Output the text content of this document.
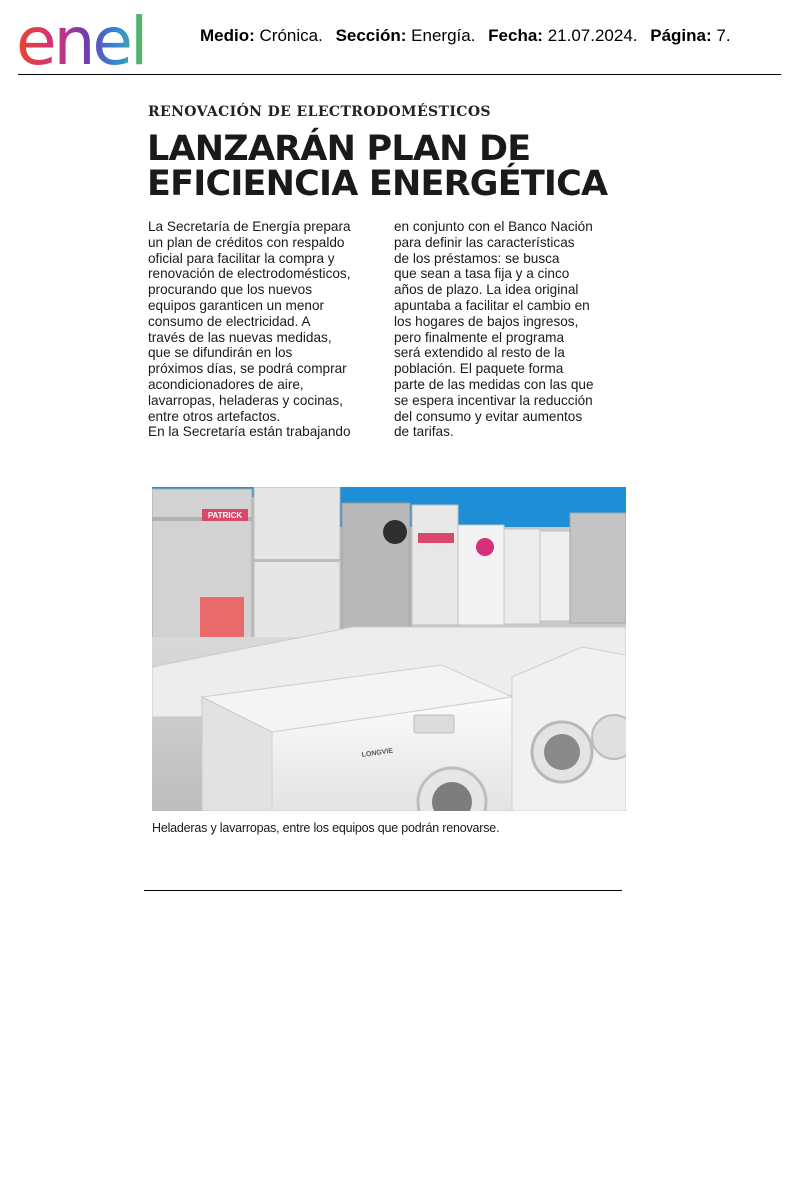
enel	Medio: Crónica. Sección: Energía. Fecha: 21.07.2024. Página: 7.
RENOVACIÓN DE ELECTRODOMÉSTICOS
LANZARÁN PLAN DE EFICIENCIA ENERGÉTICA
La Secretaría de Energía prepara
un plan de créditos con respaldo
oficial para facilitar la compra y
renovación de electrodomésticos,
procurando que los nuevos
equipos garanticen un menor
consumo de electricidad. A
través de las nuevas medidas,
que se difundirán en los
próximos días, se podrá comprar
acondicionadores de aire,
lavarropas, heladeras y cocinas,
entre otros artefactos.
En la Secretaría están trabajando
en conjunto con el Banco Nación
para definir las características
de los préstamos: se busca
que sean a tasa fija y a cinco
años de plazo. La idea original
apuntaba a facilitar el cambio en
los hogares de bajos ingresos,
pero finalmente el programa
será extendido al resto de la
población. El paquete forma
parte de las medidas con las que
se espera incentivar la reducción
del consumo y evitar aumentos
de tarifas.
PATRICK
LONGVIE
Heladeras y lavarropas, entre los equipos que podrán renovarse.
